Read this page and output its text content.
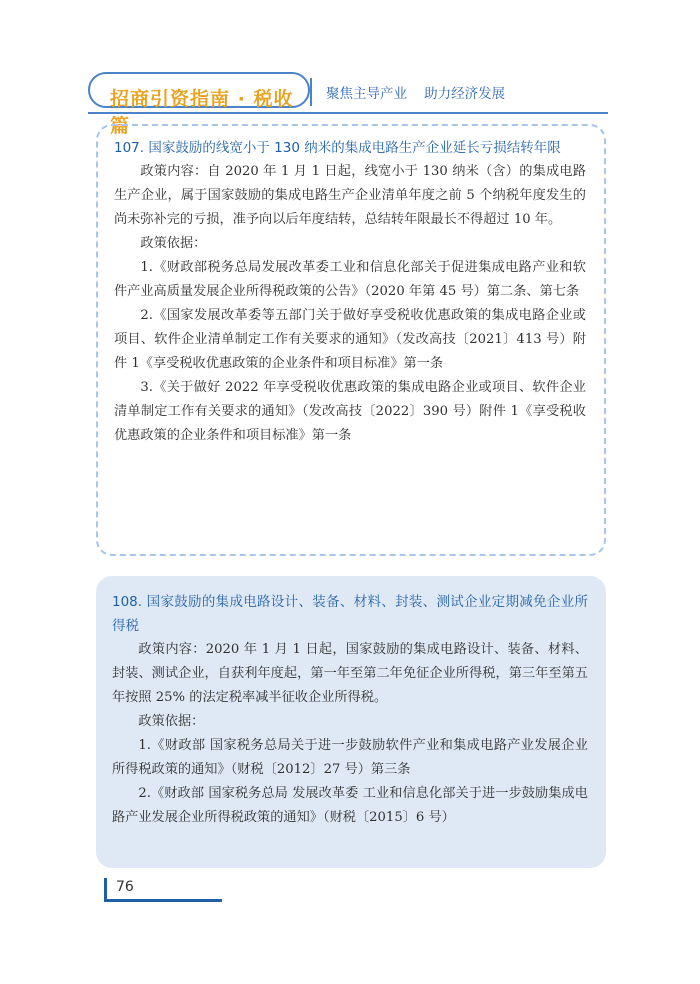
招商引资指南 · 税收篇
聚焦主导产业    助力经济发展

107. 国家鼓励的线宽小于 130 纳米的集成电路生产企业延长亏损结转年限

政策内容：自 2020 年 1 月 1 日起，线宽小于 130 纳米（含）的集成电路生产企业，属于国家鼓励的集成电路生产企业清单年度之前 5 个纳税年度发生的尚未弥补完的亏损，准予向以后年度结转，总结转年限最长不得超过 10 年。

政策依据：

1.《财政部税务总局发展改革委工业和信息化部关于促进集成电路产业和软件产业高质量发展企业所得税政策的公告》（2020 年第 45 号）第二条、第七条

2.《国家发展改革委等五部门关于做好享受税收优惠政策的集成电路企业或项目、软件企业清单制定工作有关要求的通知》（发改高技〔2021〕413 号）附件 1《享受税收优惠政策的企业条件和项目标准》第一条

3.《关于做好 2022 年享受税收优惠政策的集成电路企业或项目、软件企业清单制定工作有关要求的通知》（发改高技〔2022〕390 号）附件 1《享受税收优惠政策的企业条件和项目标准》第一条

108. 国家鼓励的集成电路设计、装备、材料、封装、测试企业定期减免企业所得税

政策内容：2020 年 1 月 1 日起，国家鼓励的集成电路设计、装备、材料、封装、测试企业，自获利年度起，第一年至第二年免征企业所得税，第三年至第五年按照 25% 的法定税率减半征收企业所得税。

政策依据：

1.《财政部 国家税务总局关于进一步鼓励软件产业和集成电路产业发展企业所得税政策的通知》（财税〔2012〕27 号）第三条

2.《财政部 国家税务总局 发展改革委 工业和信息化部关于进一步鼓励集成电路产业发展企业所得税政策的通知》（财税〔2015〕6 号）

76
